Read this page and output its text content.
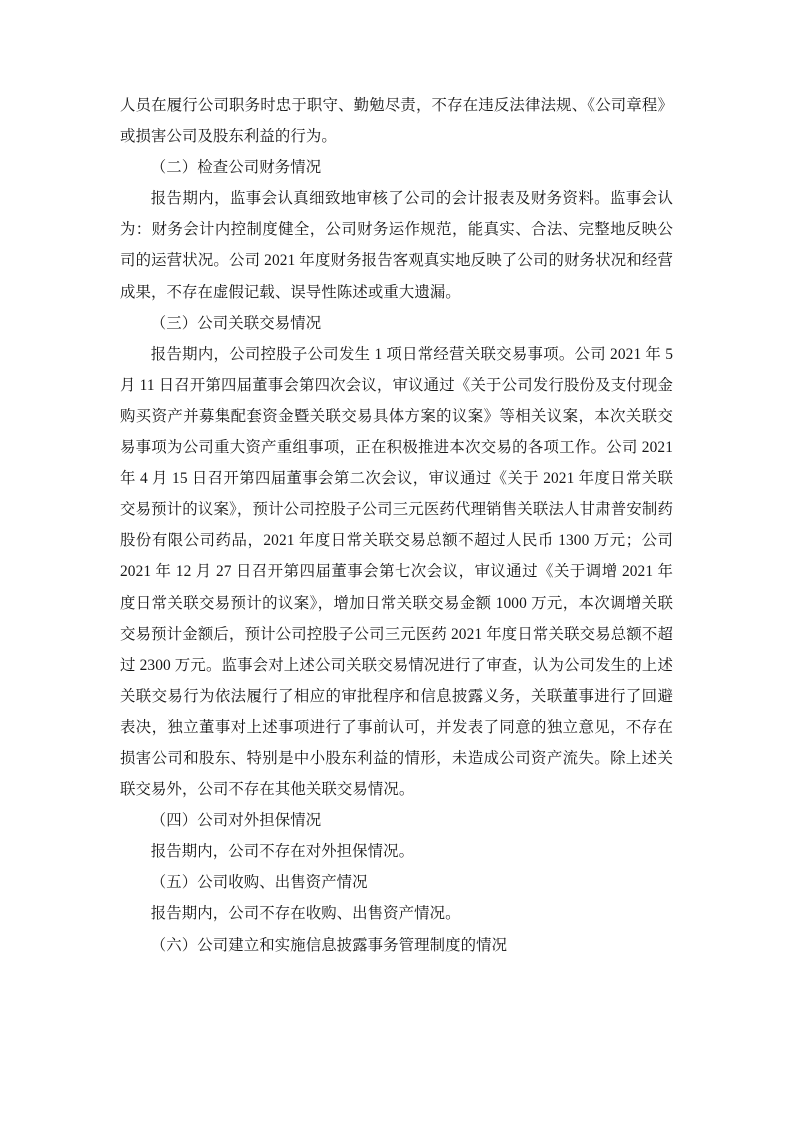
人员在履行公司职务时忠于职守、勤勉尽责，不存在违反法律法规、《公司章程》或损害公司及股东利益的行为。

（二）检查公司财务情况

报告期内，监事会认真细致地审核了公司的会计报表及财务资料。监事会认为：财务会计内控制度健全，公司财务运作规范，能真实、合法、完整地反映公司的运营状况。公司 2021 年度财务报告客观真实地反映了公司的财务状况和经营成果，不存在虚假记载、误导性陈述或重大遗漏。

（三）公司关联交易情况

报告期内，公司控股子公司发生 1 项日常经营关联交易事项。公司 2021 年 5 月 11 日召开第四届董事会第四次会议，审议通过《关于公司发行股份及支付现金购买资产并募集配套资金暨关联交易具体方案的议案》等相关议案，本次关联交易事项为公司重大资产重组事项，正在积极推进本次交易的各项工作。公司 2021 年 4 月 15 日召开第四届董事会第二次会议，审议通过《关于 2021 年度日常关联交易预计的议案》，预计公司控股子公司三元医药代理销售关联法人甘肃普安制药股份有限公司药品，2021 年度日常关联交易总额不超过人民币 1300 万元；公司 2021 年 12 月 27 日召开第四届董事会第七次会议，审议通过《关于调增 2021 年度日常关联交易预计的议案》，增加日常关联交易金额 1000 万元，本次调增关联交易预计金额后，预计公司控股子公司三元医药 2021 年度日常关联交易总额不超过 2300 万元。监事会对上述公司关联交易情况进行了审查，认为公司发生的上述关联交易行为依法履行了相应的审批程序和信息披露义务，关联董事进行了回避表决，独立董事对上述事项进行了事前认可，并发表了同意的独立意见，不存在损害公司和股东、特别是中小股东利益的情形，未造成公司资产流失。除上述关联交易外，公司不存在其他关联交易情况。

（四）公司对外担保情况

报告期内，公司不存在对外担保情况。

（五）公司收购、出售资产情况

报告期内，公司不存在收购、出售资产情况。

（六）公司建立和实施信息披露事务管理制度的情况
